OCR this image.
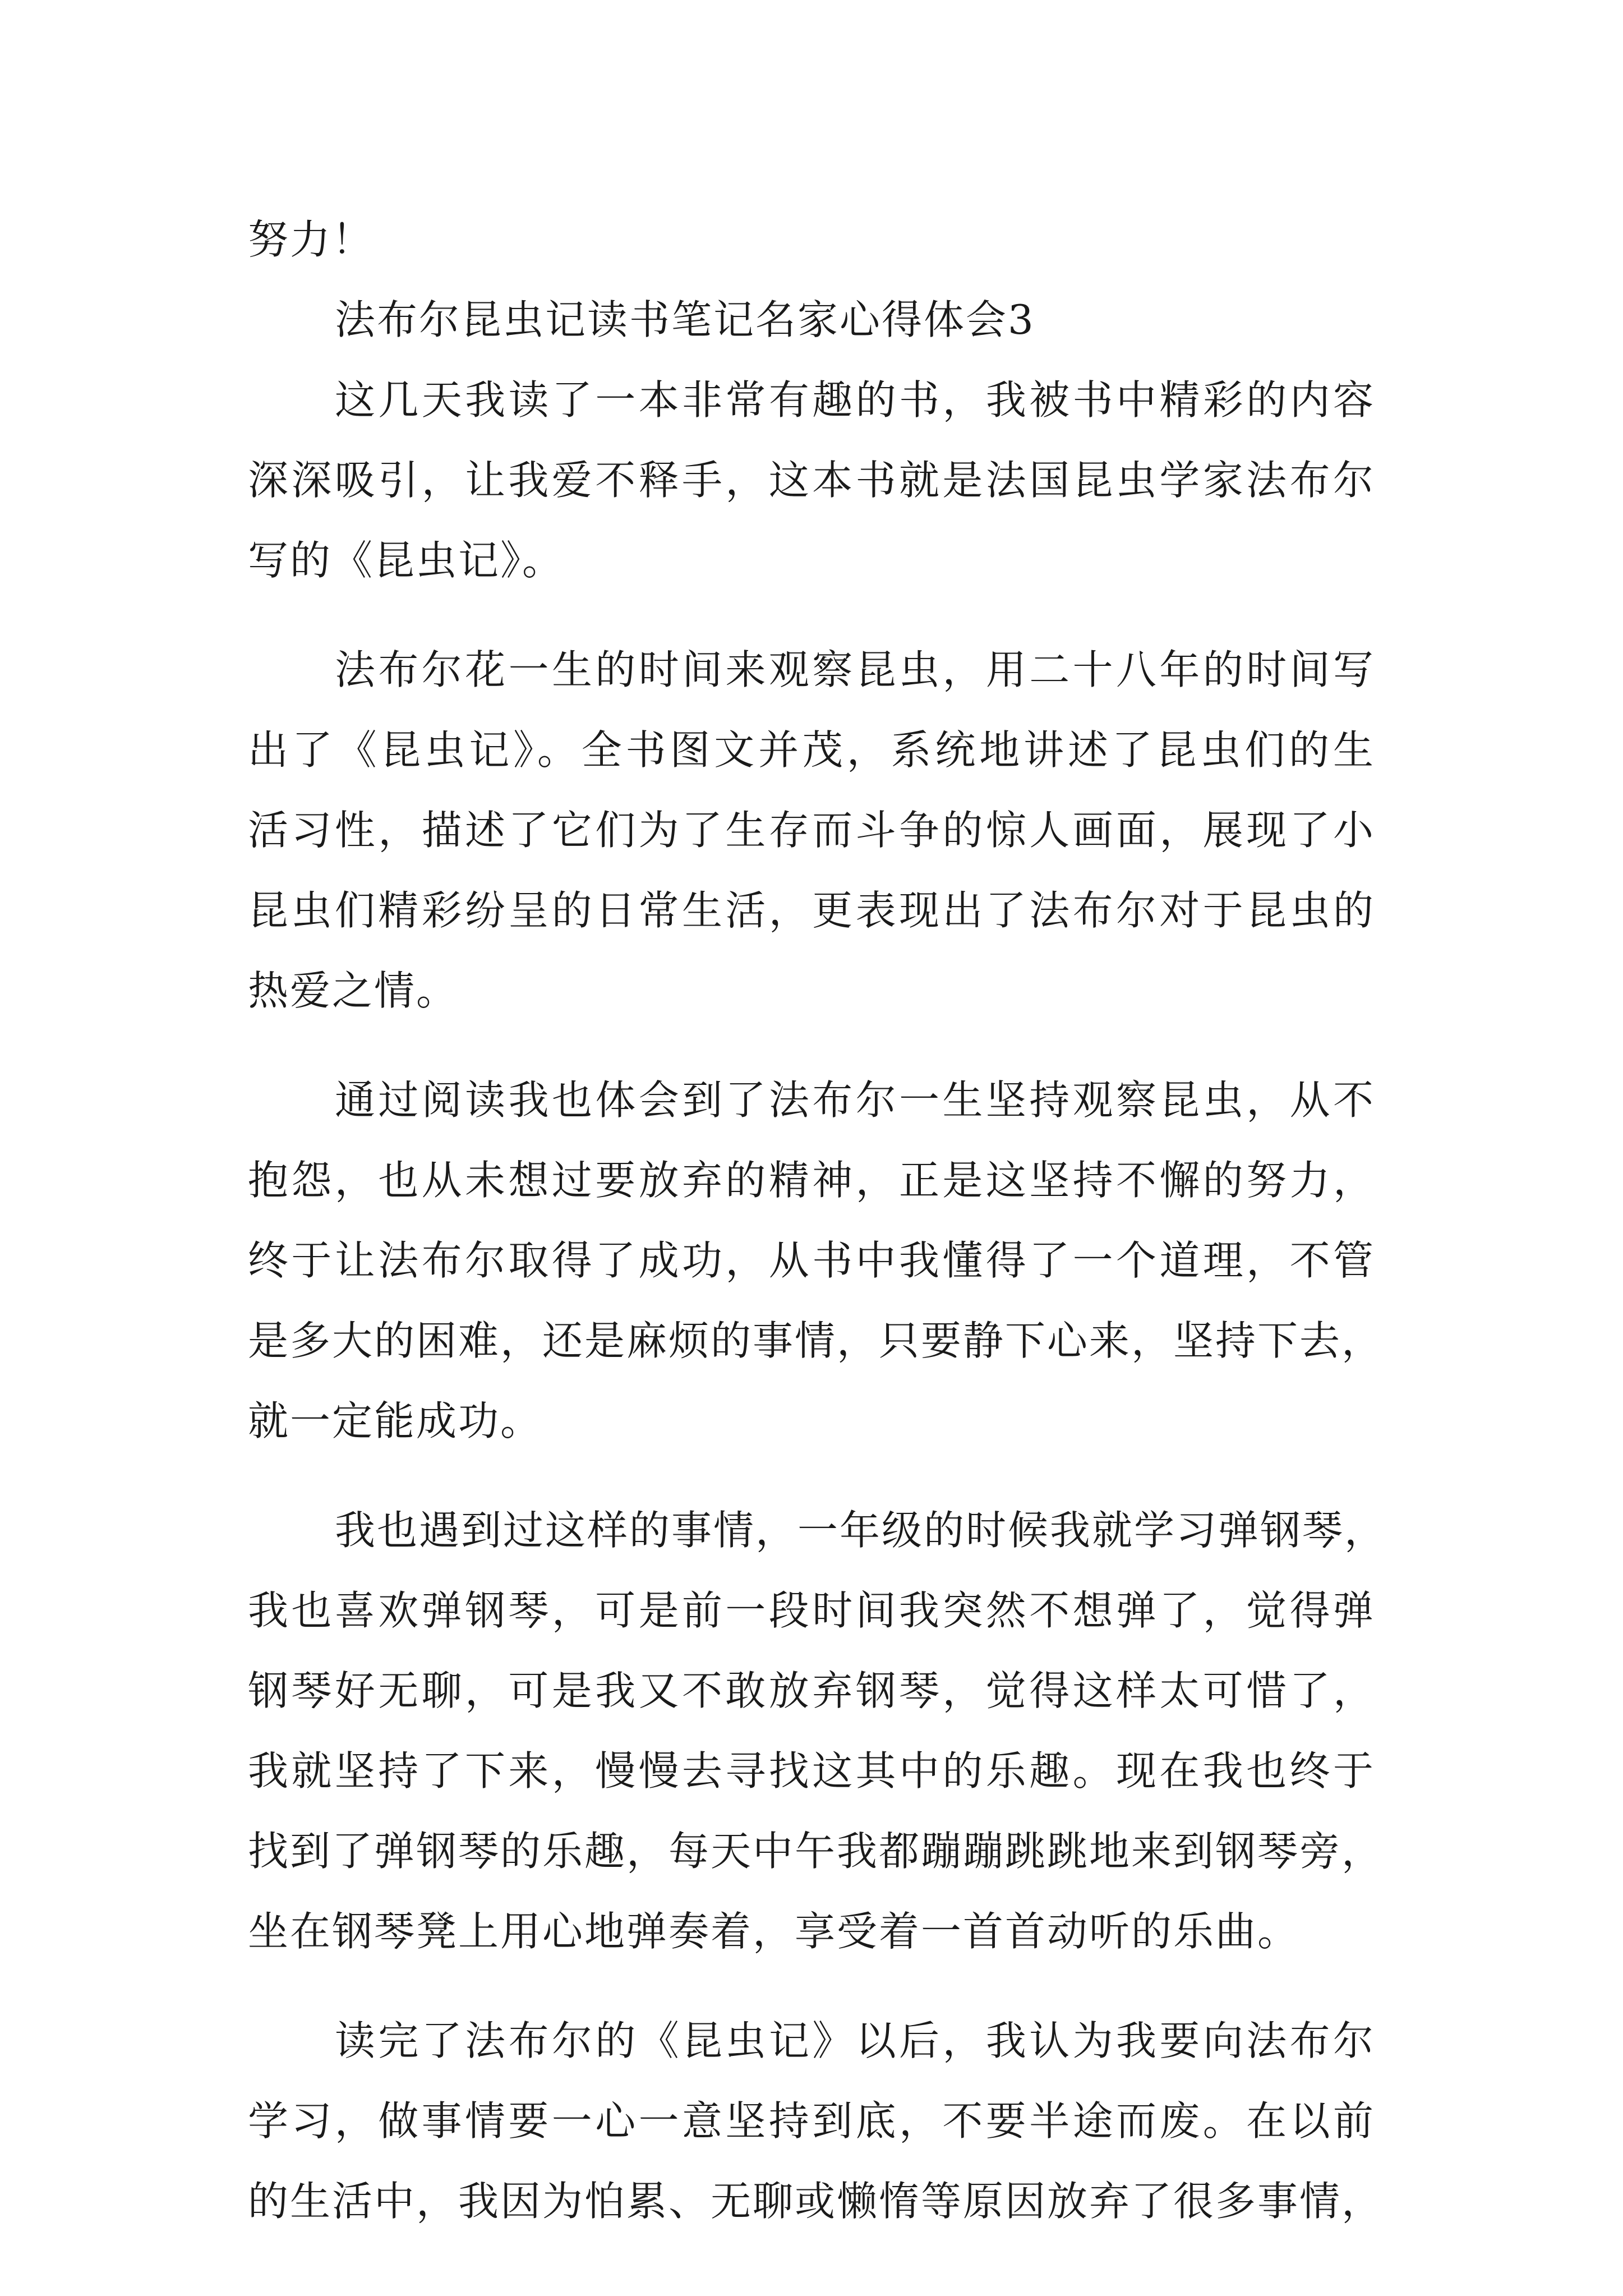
努力！

法布尔昆虫记读书笔记名家心得体会3

这几天我读了一本非常有趣的书，我被书中精彩的内容

深深吸引，让我爱不释手，这本书就是法国昆虫学家法布尔

写的《昆虫记》。

法布尔花一生的时间来观察昆虫，用二十八年的时间写

出了《昆虫记》。全书图文并茂，系统地讲述了昆虫们的生

活习性，描述了它们为了生存而斗争的惊人画面，展现了小

昆虫们精彩纷呈的日常生活，更表现出了法布尔对于昆虫的

热爱之情。

通过阅读我也体会到了法布尔一生坚持观察昆虫，从不

抱怨，也从未想过要放弃的精神，正是这坚持不懈的努力，

终于让法布尔取得了成功，从书中我懂得了一个道理，不管

是多大的困难，还是麻烦的事情，只要静下心来，坚持下去，

就一定能成功。

我也遇到过这样的事情，一年级的时候我就学习弹钢琴，

我也喜欢弹钢琴，可是前一段时间我突然不想弹了，觉得弹

钢琴好无聊，可是我又不敢放弃钢琴，觉得这样太可惜了，

我就坚持了下来，慢慢去寻找这其中的乐趣。现在我也终于

找到了弹钢琴的乐趣，每天中午我都蹦蹦跳跳地来到钢琴旁，

坐在钢琴凳上用心地弹奏着，享受着一首首动听的乐曲。

读完了法布尔的《昆虫记》以后，我认为我要向法布尔

学习，做事情要一心一意坚持到底，不要半途而废。在以前

的生活中，我因为怕累、无聊或懒惰等原因放弃了很多事情，
